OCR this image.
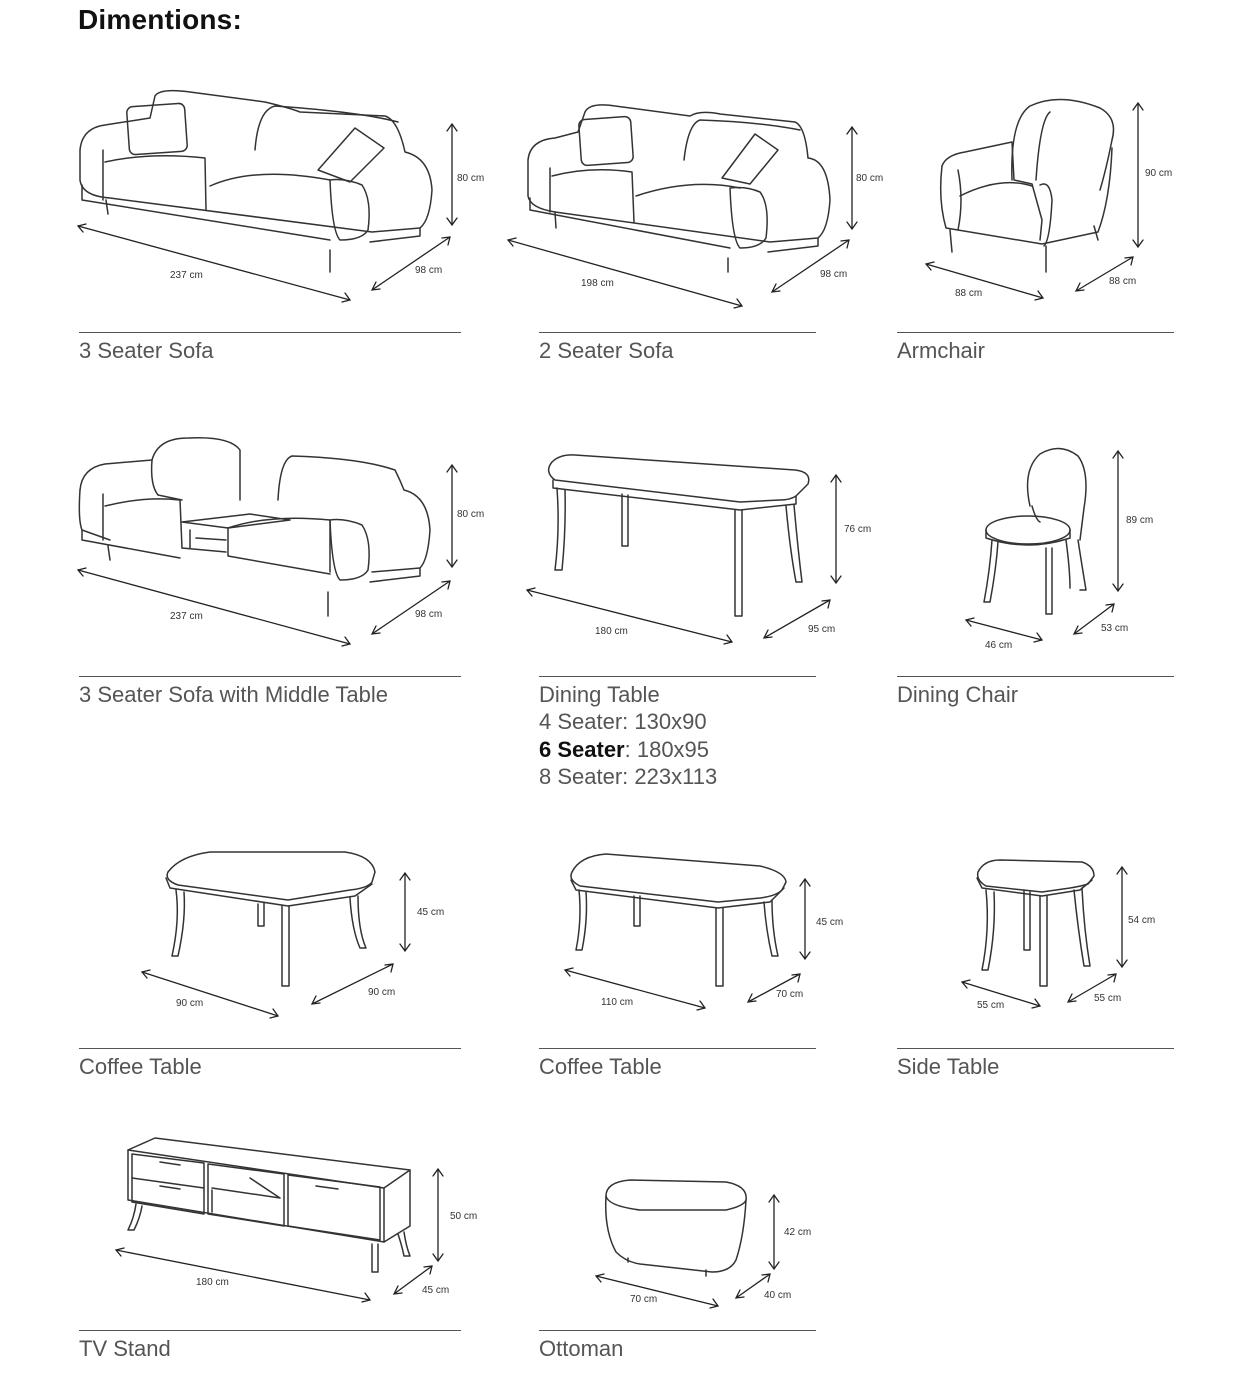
Dimentions:
80 cm
237 cm	98 cm
3 Seater Sofa
80 cm
198 cm
98 cm
2 Seater Sofa
90 cm
88 cm
88 cm
Armchair
80 cm
237 cm	98 cm
3 Seater Sofa with Middle Table
76 cm
180 cm	95 cm
Dining Table
4 Seater: 130x90
6 Seater: 180x95
8 Seater: 223x113
89 cm
46 cm
53 cm
Dining Chair
45 cm
90 cm
90 cm
Coffee Table
45 cm
110 cm
70 cm
Coffee Table
54 cm
55 cm
55 cm
Side Table
50 cm
180 cm
45 cm
TV Stand
42 cm
70 cm	40 cm
Ottoman
